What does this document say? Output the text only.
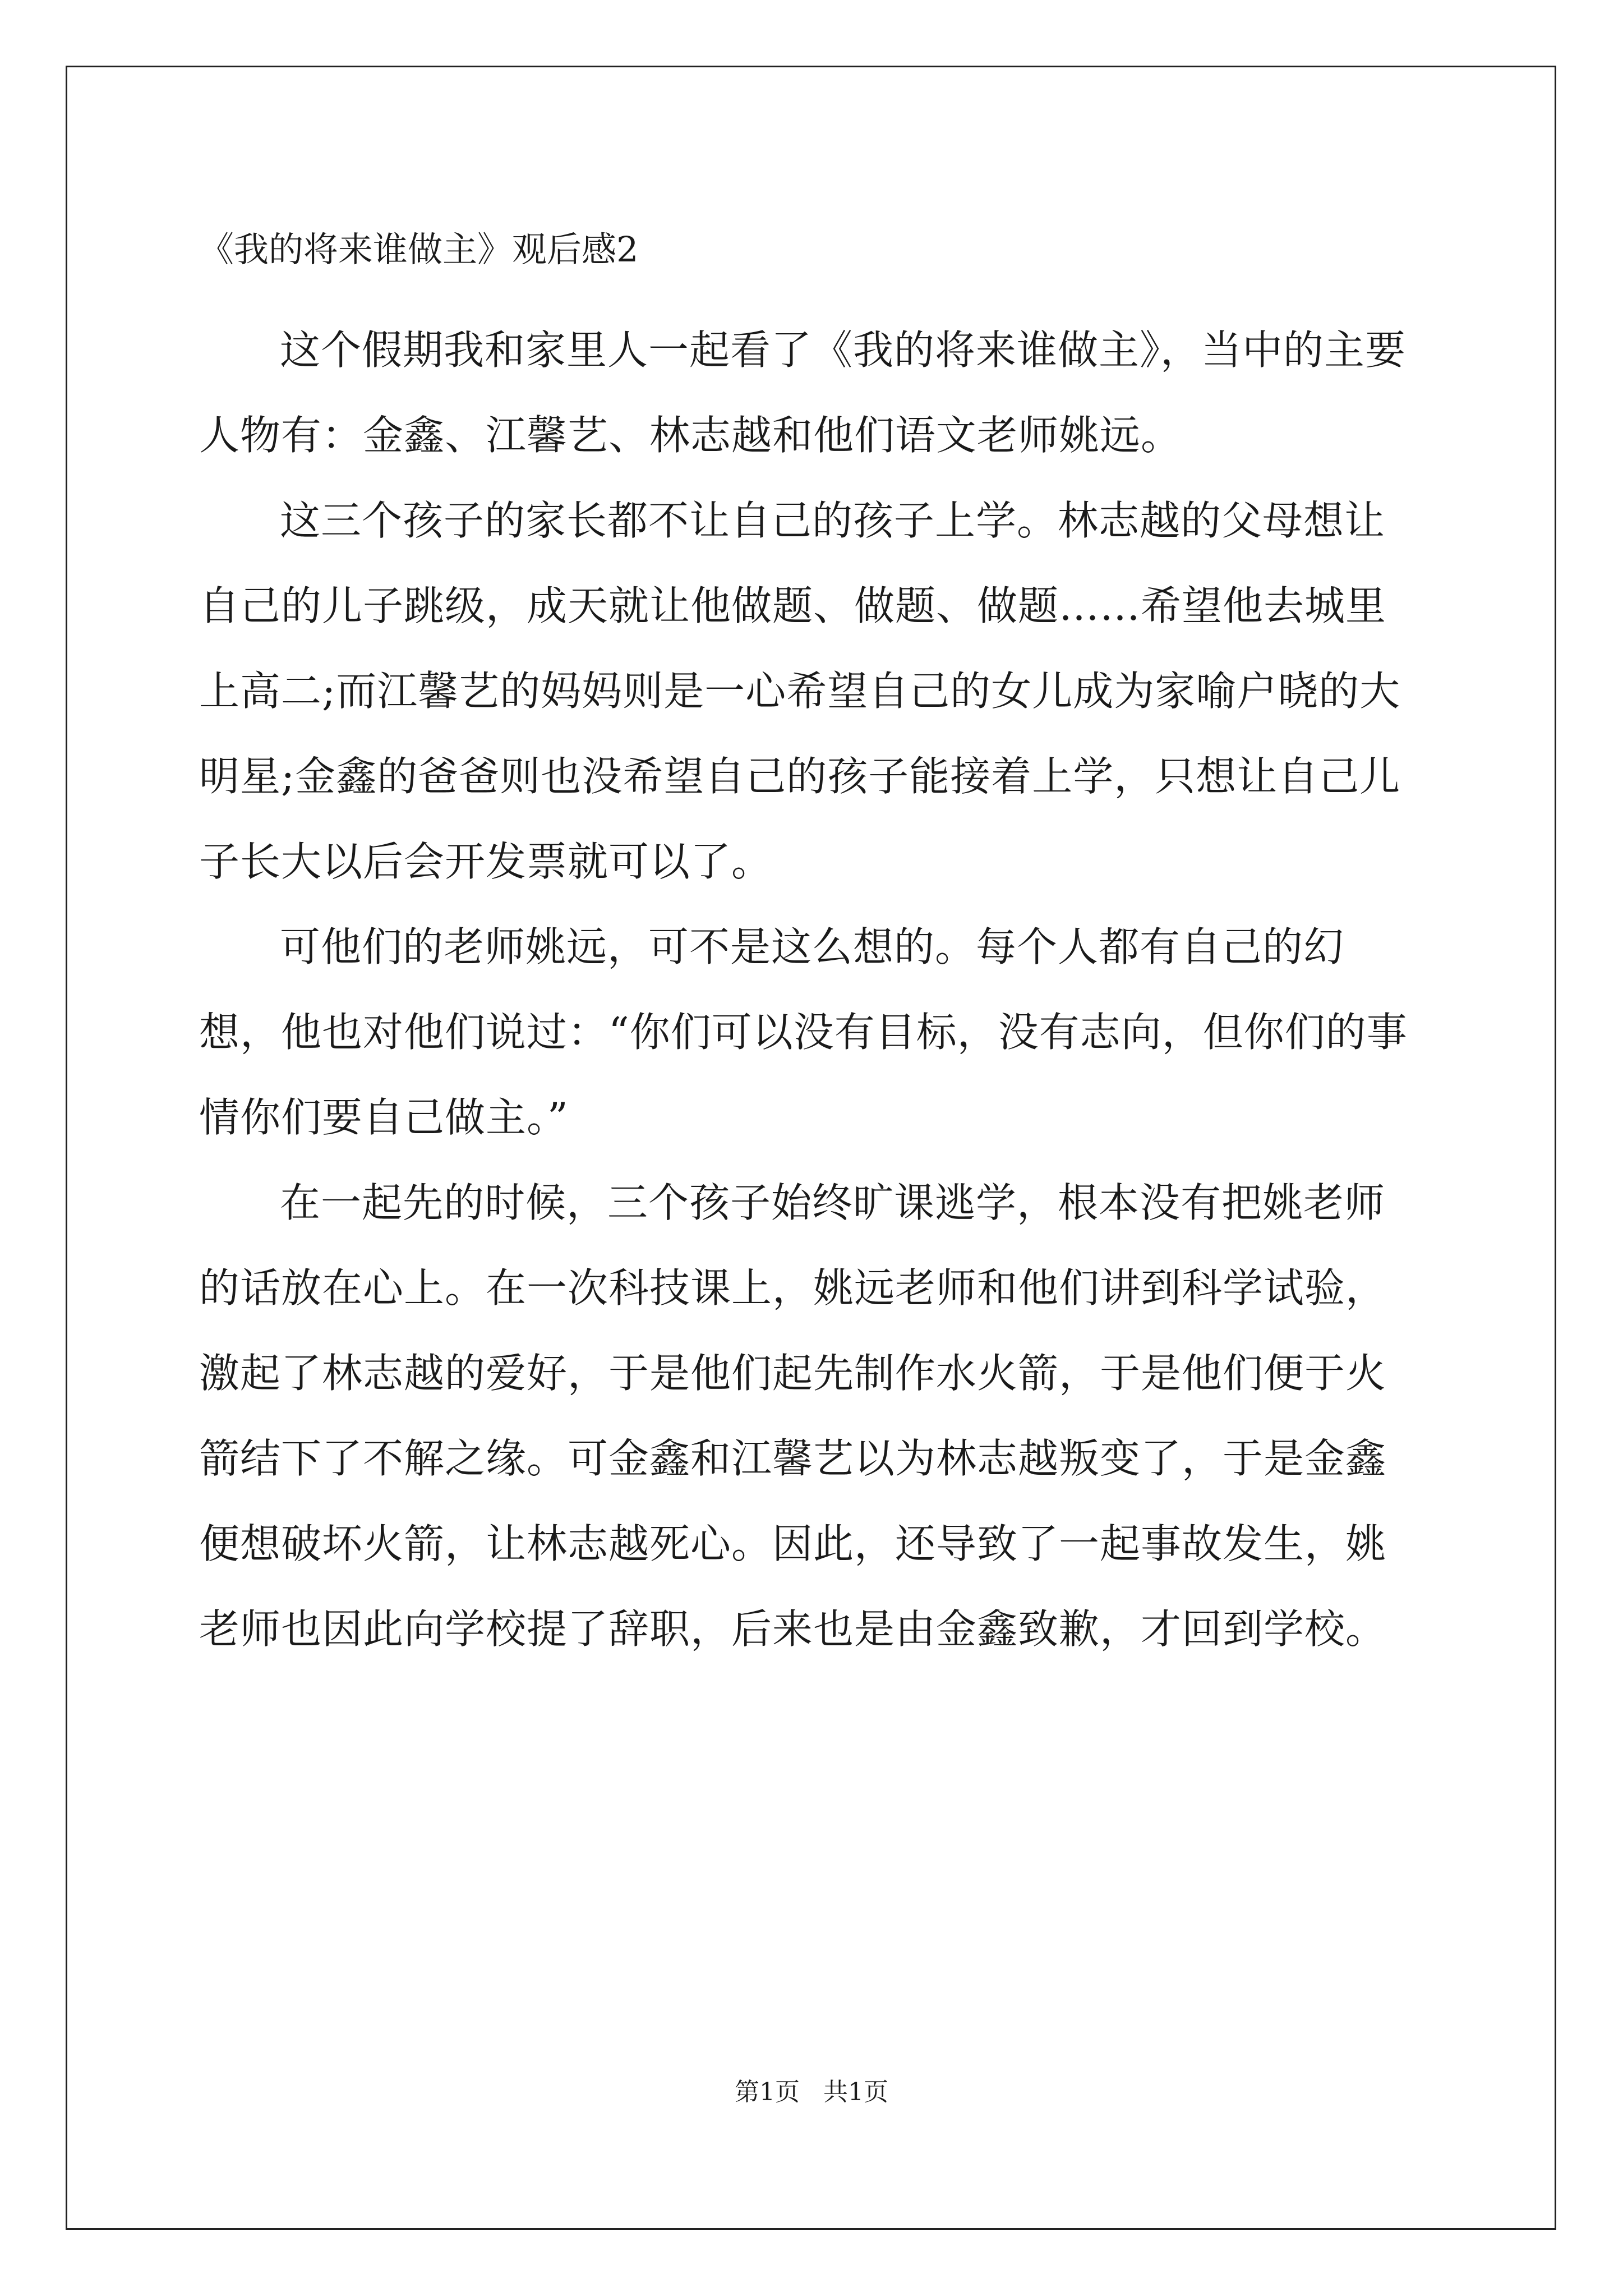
《我的将来谁做主》观后感2

这个假期我和家里人一起看了《我的将来谁做主》，当中的主要人物有：金鑫、江馨艺、林志越和他们语文老师姚远。

这三个孩子的家长都不让自己的孩子上学。林志越的父母想让自己的儿子跳级，成天就让他做题、做题、做题……希望他去城里上高二;而江馨艺的妈妈则是一心希望自己的女儿成为家喻户晓的大明星;金鑫的爸爸则也没希望自己的孩子能接着上学，只想让自己儿子长大以后会开发票就可以了。

可他们的老师姚远，可不是这么想的。每个人都有自己的幻想，他也对他们说过：“你们可以没有目标，没有志向，但你们的事情你们要自己做主。”

在一起先的时候，三个孩子始终旷课逃学，根本没有把姚老师的话放在心上。在一次科技课上，姚远老师和他们讲到科学试验，激起了林志越的爱好，于是他们起先制作水火箭，于是他们便于火箭结下了不解之缘。可金鑫和江馨艺以为林志越叛变了，于是金鑫便想破坏火箭，让林志越死心。因此，还导致了一起事故发生，姚老师也因此向学校提了辞职，后来也是由金鑫致歉，才回到学校。

第1页   共1页
